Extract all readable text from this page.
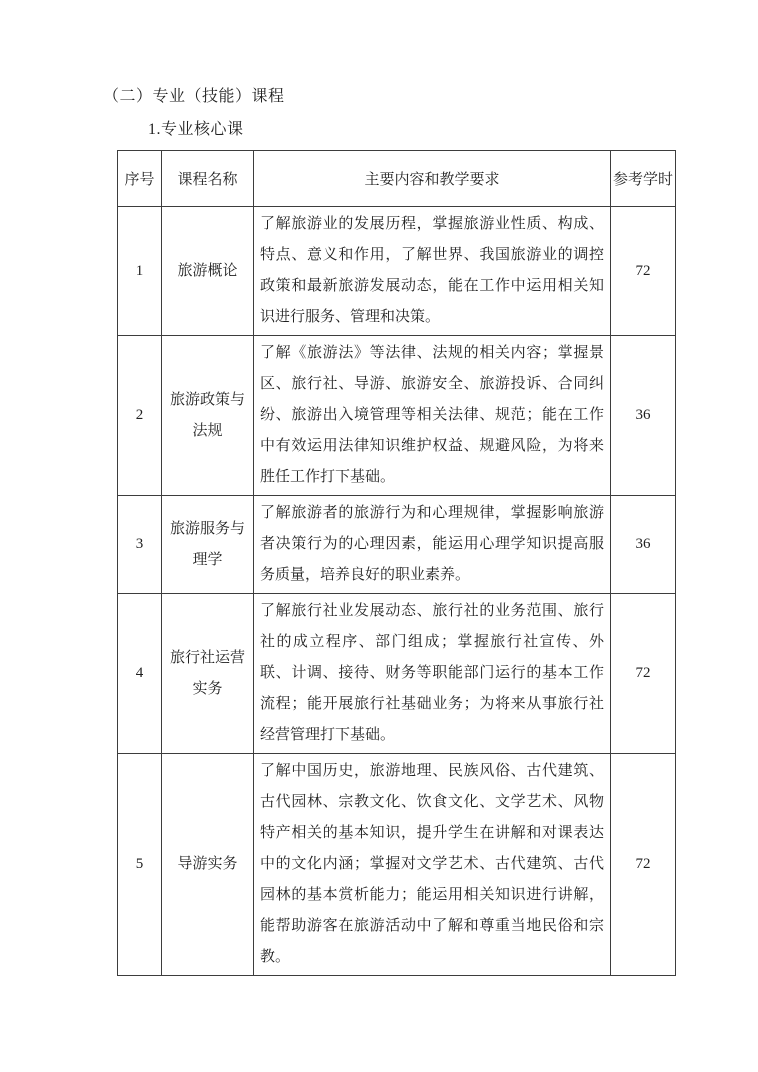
（二）专业（技能）课程

1.专业核心课

序号	课程名称	主要内容和教学要求	参考学时
1	旅游概论	了解旅游业的发展历程，掌握旅游业性质、构成、特点、意义和作用，了解世界、我国旅游业的调控政策和最新旅游发展动态，能在工作中运用相关知识进行服务、管理和决策。	72
2	旅游政策与法规	了解《旅游法》等法律、法规的相关内容；掌握景区、旅行社、导游、旅游安全、旅游投诉、合同纠纷、旅游出入境管理等相关法律、规范；能在工作中有效运用法律知识维护权益、规避风险，为将来胜任工作打下基础。	36
3	旅游服务与理学	了解旅游者的旅游行为和心理规律，掌握影响旅游者决策行为的心理因素，能运用心理学知识提高服务质量，培养良好的职业素养。	36
4	旅行社运营实务	了解旅行社业发展动态、旅行社的业务范围、旅行社的成立程序、部门组成；掌握旅行社宣传、外联、计调、接待、财务等职能部门运行的基本工作流程；能开展旅行社基础业务；为将来从事旅行社经营管理打下基础。	72
5	导游实务	了解中国历史，旅游地理、民族风俗、古代建筑、古代园林、宗教文化、饮食文化、文学艺术、风物特产相关的基本知识，提升学生在讲解和对课表达中的文化内涵；掌握对文学艺术、古代建筑、古代园林的基本赏析能力；能运用相关知识进行讲解，能帮助游客在旅游活动中了解和尊重当地民俗和宗教。	72
